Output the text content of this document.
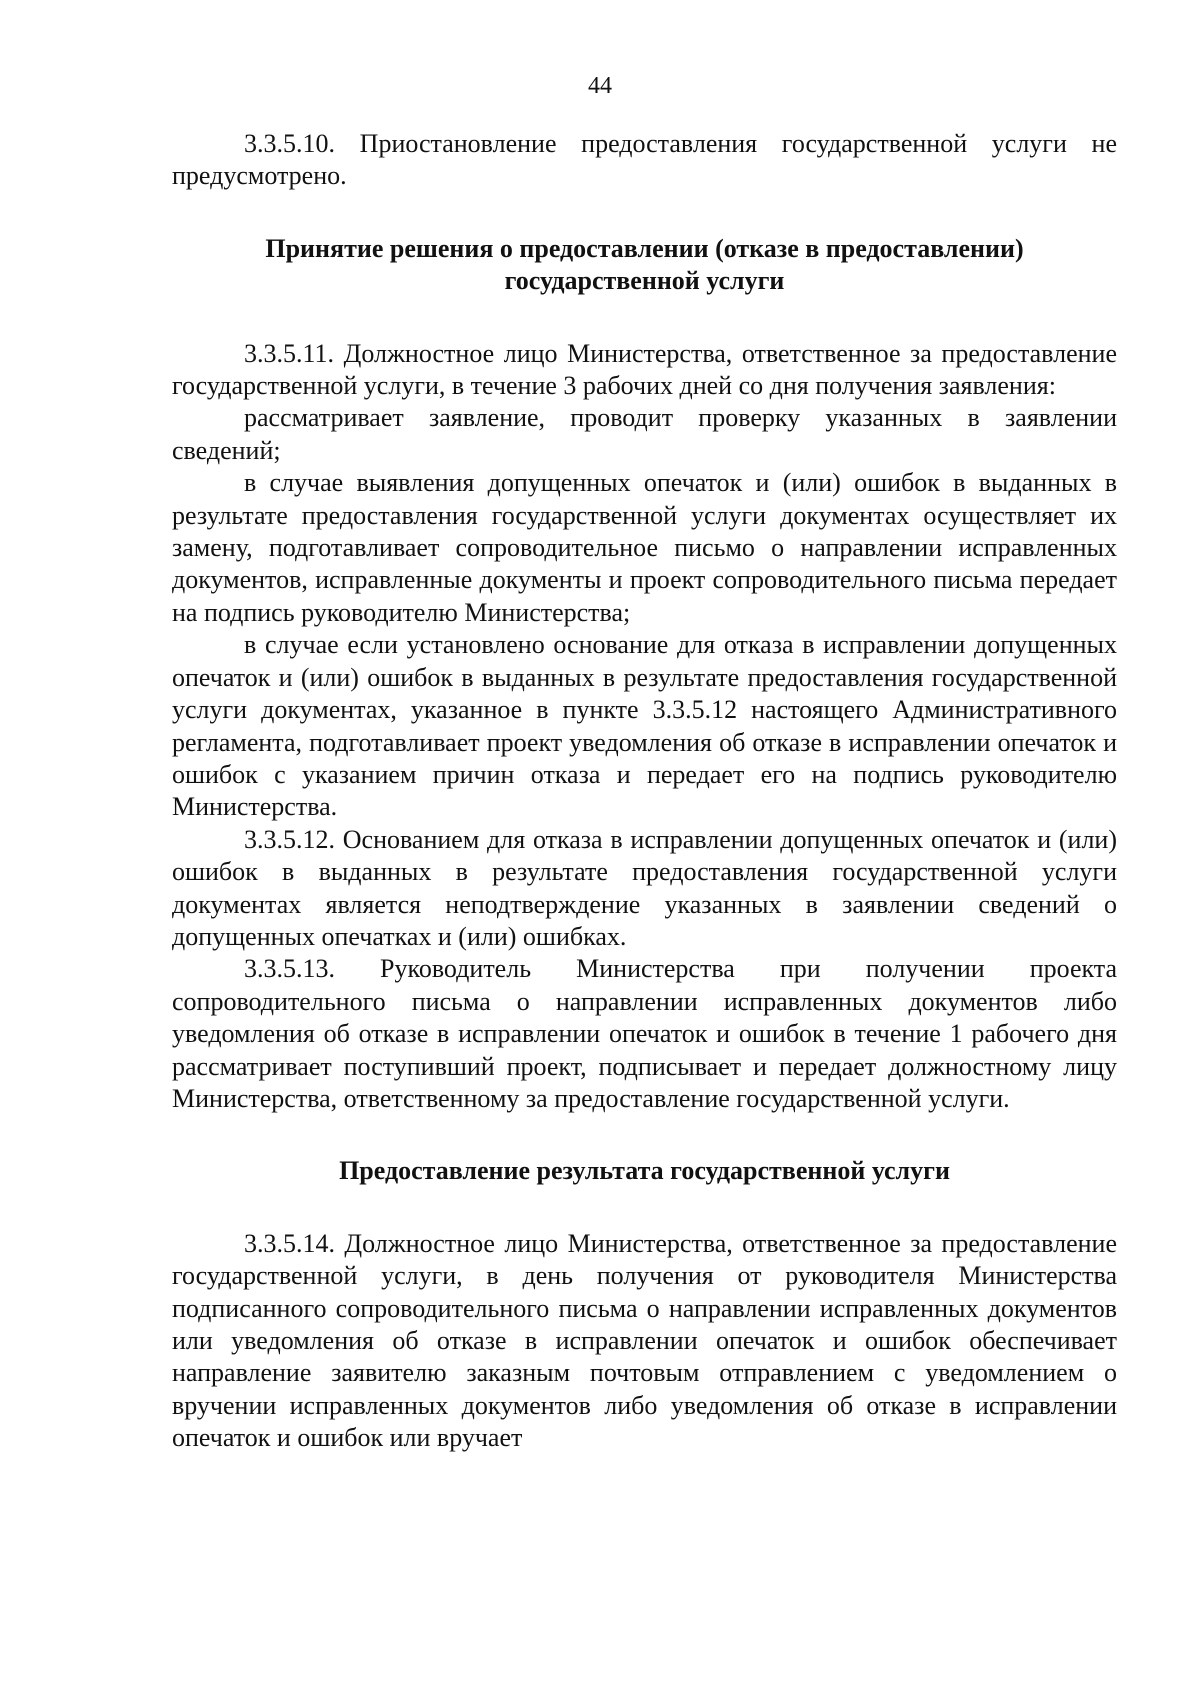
44

3.3.5.10. Приостановление предоставления государственной услуги не предусмотрено.

Принятие решения о предоставлении (отказе в предоставлении) государственной услуги

3.3.5.11. Должностное лицо Министерства, ответственное за предоставление государственной услуги, в течение 3 рабочих дней со дня получения заявления:

рассматривает заявление, проводит проверку указанных в заявлении сведений;

в случае выявления допущенных опечаток и (или) ошибок в выданных в результате предоставления государственной услуги документах осуществляет их замену, подготавливает сопроводительное письмо о направлении исправленных документов, исправленные документы и проект сопроводительного письма передает на подпись руководителю Министерства;

в случае если установлено основание для отказа в исправлении допущенных опечаток и (или) ошибок в выданных в результате предоставления государственной услуги документах, указанное в пункте 3.3.5.12 настоящего Административного регламента, подготавливает проект уведомления об отказе в исправлении опечаток и ошибок с указанием причин отказа и передает его на подпись руководителю Министерства.

3.3.5.12. Основанием для отказа в исправлении допущенных опечаток и (или) ошибок в выданных в результате предоставления государственной услуги документах является неподтверждение указанных в заявлении сведений о допущенных опечатках и (или) ошибках.

3.3.5.13. Руководитель Министерства при получении проекта сопроводительного письма о направлении исправленных документов либо уведомления об отказе в исправлении опечаток и ошибок в течение 1 рабочего дня рассматривает поступивший проект, подписывает и передает должностному лицу Министерства, ответственному за предоставление государственной услуги.

Предоставление результата государственной услуги

3.3.5.14. Должностное лицо Министерства, ответственное за предоставление государственной услуги, в день получения от руководителя Министерства подписанного сопроводительного письма о направлении исправленных документов или уведомления об отказе в исправлении опечаток и ошибок обеспечивает направление заявителю заказным почтовым отправлением с уведомлением о вручении исправленных документов либо уведомления об отказе в исправлении опечаток и ошибок или вручает
